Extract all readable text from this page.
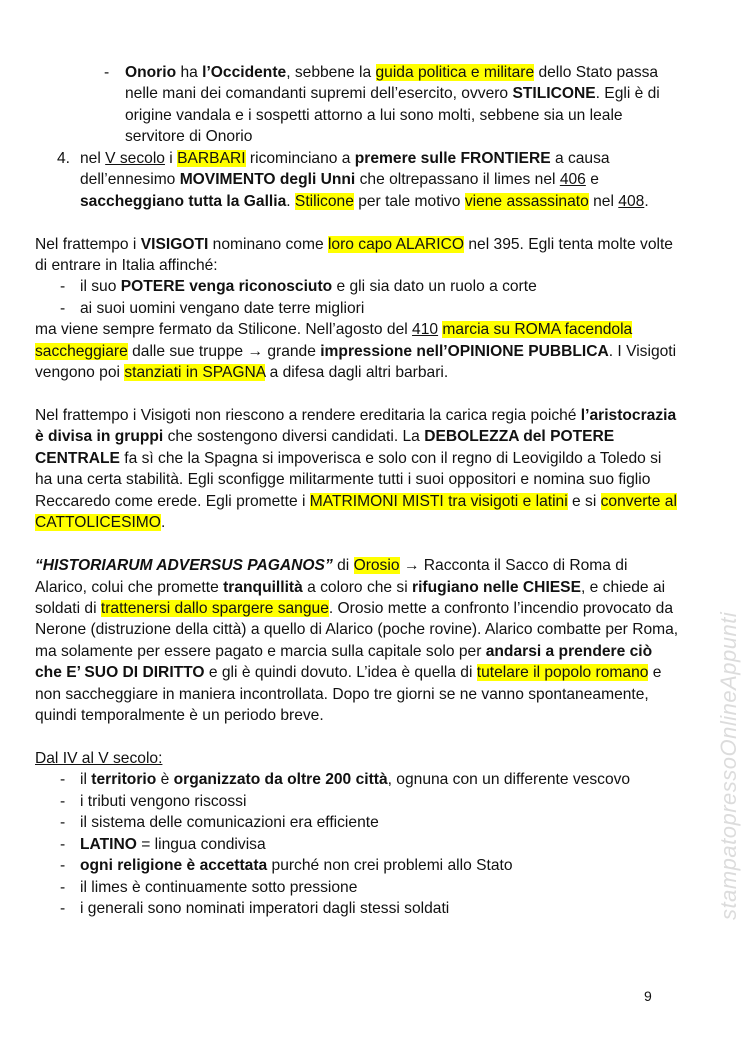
- Onorio ha l’Occidente, sebbene la guida politica e militare dello Stato passa
nelle mani dei comandanti supremi dell’esercito, ovvero STILICONE. Egli è di
origine vandala e i sospetti attorno a lui sono molti, sebbene sia un leale
servitore di Onorio
4. nel V secolo i BARBARI ricominciano a premere sulle FRONTIERE a causa
dell’ennesimo MOVIMENTO degli Unni che oltrepassano il limes nel 406 e
saccheggiano tutta la Gallia. Stilicone per tale motivo viene assassinato nel 408.
Nel frattempo i VISIGOTI nominano come loro capo ALARICO nel 395. Egli tenta molte volte
di entrare in Italia affinché:
- il suo POTERE venga riconosciuto e gli sia dato un ruolo a corte
- ai suoi uomini vengano date terre migliori
ma viene sempre fermato da Stilicone. Nell’agosto del 410 marcia su ROMA facendola
saccheggiare dalle sue truppe → grande impressione nell’OPINIONE PUBBLICA. I Visigoti
vengono poi stanziati in SPAGNA a difesa dagli altri barbari.
Nel frattempo i Visigoti non riescono a rendere ereditaria la carica regia poiché l’aristocrazia
è divisa in gruppi che sostengono diversi candidati. La DEBOLEZZA del POTERE
CENTRALE fa sì che la Spagna si impoverisca e solo con il regno di Leovigildo a Toledo si
ha una certa stabilità. Egli sconfigge militarmente tutti i suoi oppositori e nomina suo figlio
Reccaredo come erede. Egli promette i MATRIMONI MISTI tra visigoti e latini e si converte al
CATTOLICESIMO.
“HISTORIARUM ADVERSUS PAGANOS” di Orosio → Racconta il Sacco di Roma di
Alarico, colui che promette tranquillità a coloro che si rifugiano nelle CHIESE, e chiede ai
soldati di trattenersi dallo spargere sangue. Orosio mette a confronto l’incendio provocato da
Nerone (distruzione della città) a quello di Alarico (poche rovine). Alarico combatte per Roma,
ma solamente per essere pagato e marcia sulla capitale solo per andarsi a prendere ciò
che E’ SUO DI DIRITTO e gli è quindi dovuto. L’idea è quella di tutelare il popolo romano e
non saccheggiare in maniera incontrollata. Dopo tre giorni se ne vanno spontaneamente,
quindi temporalmente è un periodo breve.
Dal IV al V secolo:
- il territorio è organizzato da oltre 200 città, ognuna con un differente vescovo
- i tributi vengono riscossi
- il sistema delle comunicazioni era efficiente
- LATINO = lingua condivisa
- ogni religione è accettata purché non crei problemi allo Stato
- il limes è continuamente sotto pressione
- i generali sono nominati imperatori dagli stessi soldati	stampatopressoOnlineAppunti
9
